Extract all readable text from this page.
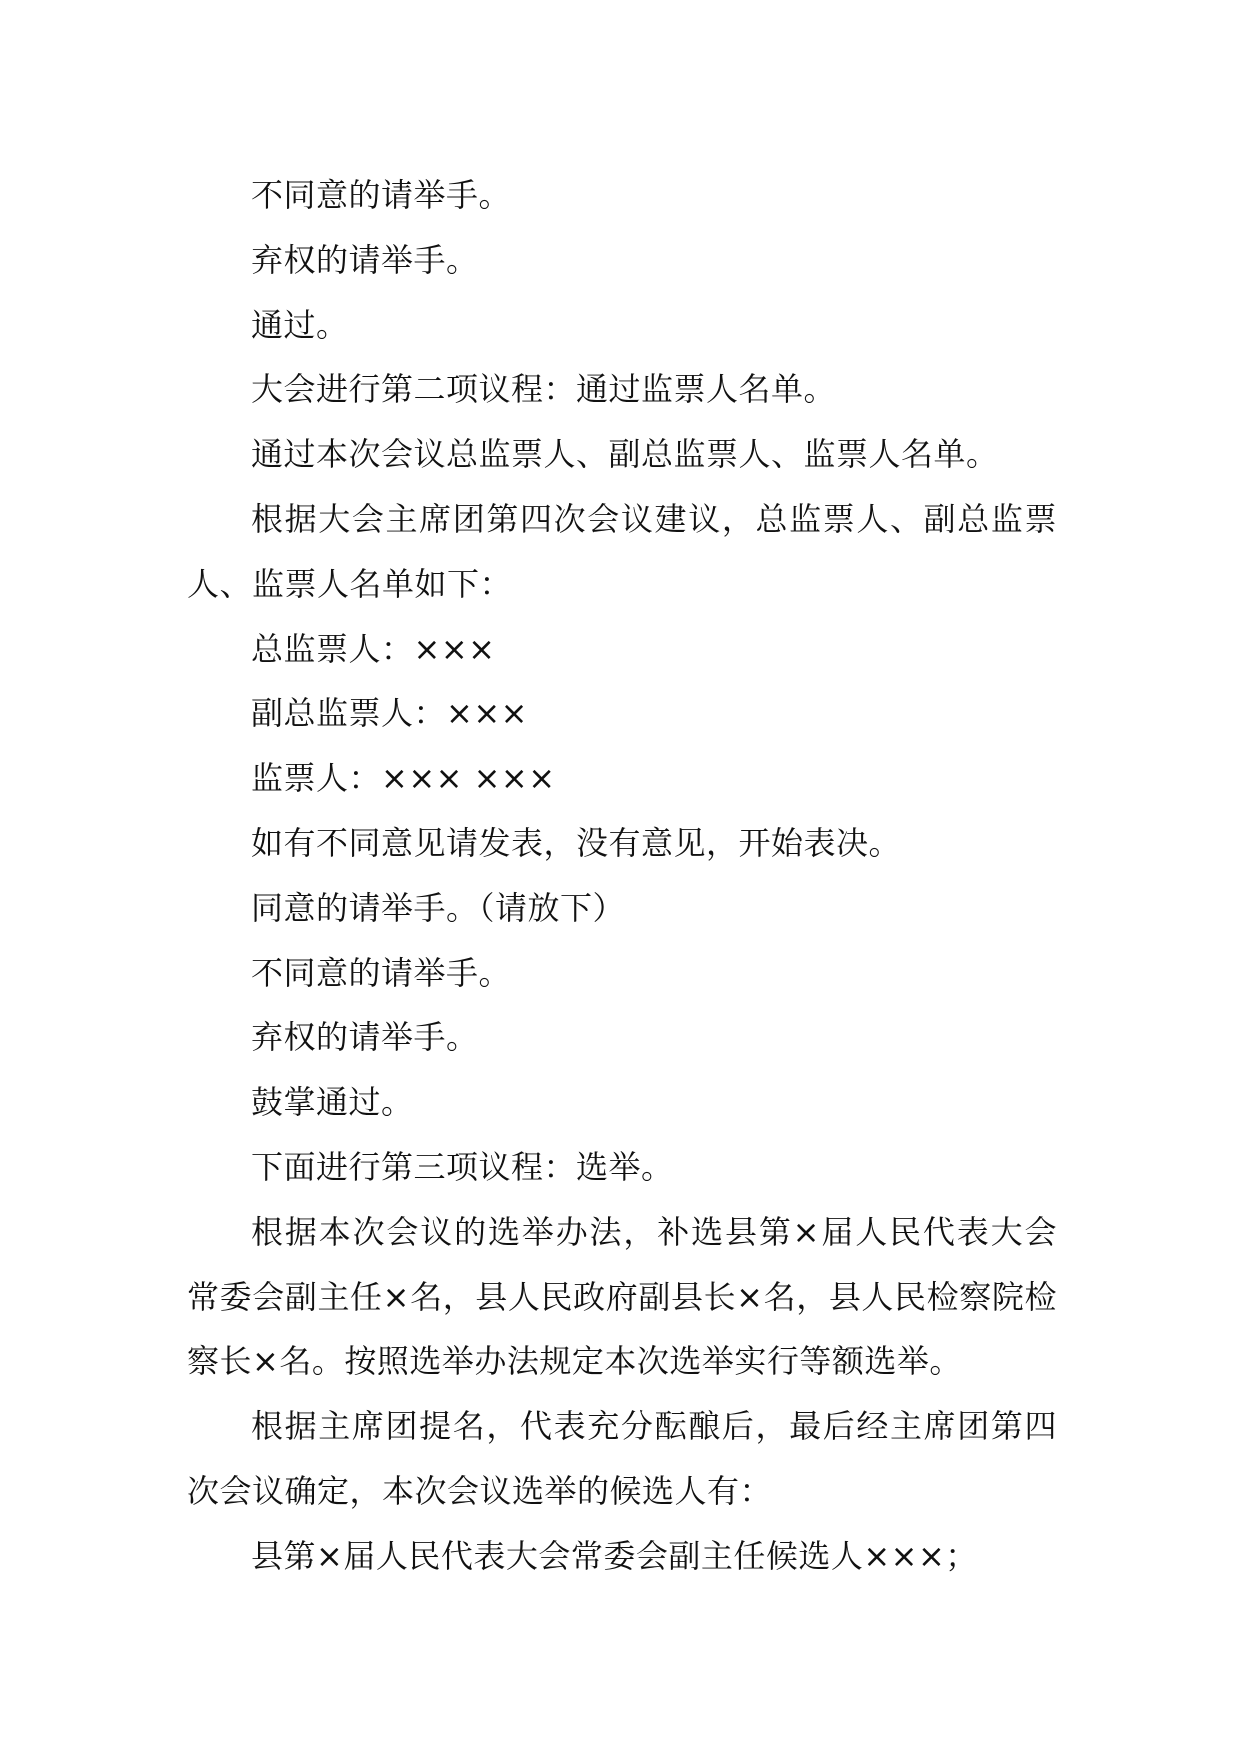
不同意的请举手。

弃权的请举手。

通过。

大会进行第二项议程：通过监票人名单。

通过本次会议总监票人、副总监票人、监票人名单。

根据大会主席团第四次会议建议，总监票人、副总监票人、监票人名单如下：

总监票人：×××

副总监票人：×××

监票人：××× ×××

如有不同意见请发表，没有意见，开始表决。

同意的请举手。（请放下）

不同意的请举手。

弃权的请举手。

鼓掌通过。

下面进行第三项议程：选举。

根据本次会议的选举办法，补选县第×届人民代表大会常委会副主任×名，县人民政府副县长×名，县人民检察院检察长×名。按照选举办法规定本次选举实行等额选举。

根据主席团提名，代表充分酝酿后，最后经主席团第四次会议确定，本次会议选举的候选人有：

县第×届人民代表大会常委会副主任候选人×××；
